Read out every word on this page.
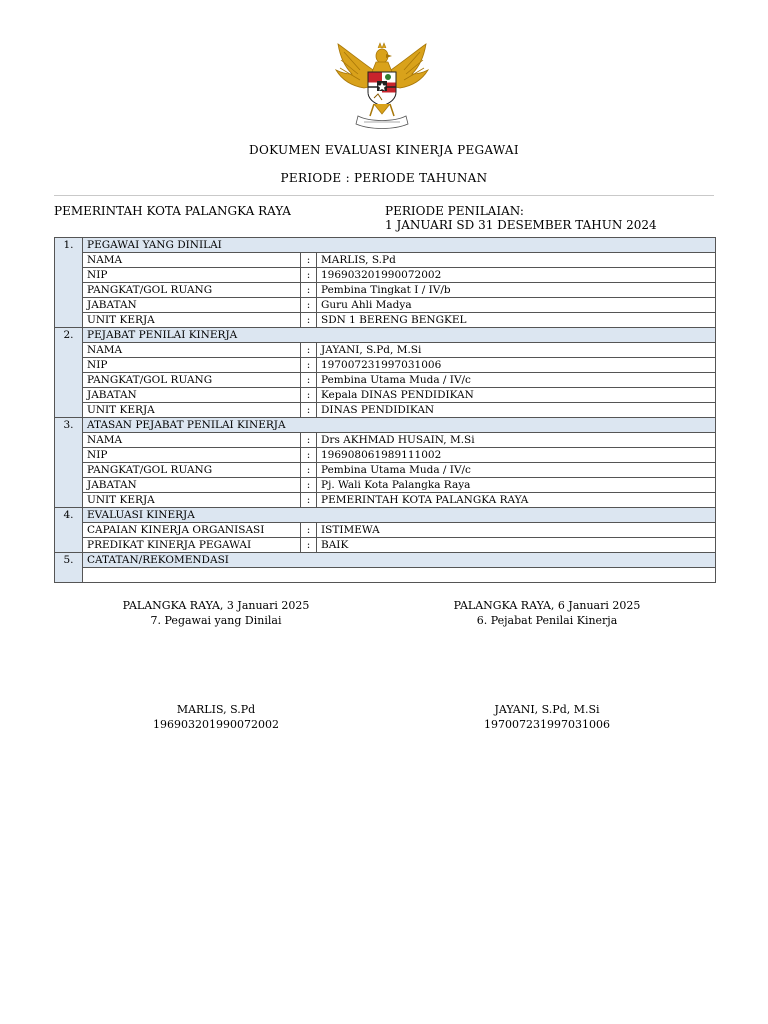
DOKUMEN EVALUASI KINERJA PEGAWAI
PERIODE : PERIODE TAHUNAN
PEMERINTAH KOTA PALANGKA RAYA	PERIODE PENILAIAN:
1 JANUARI SD 31 DESEMBER TAHUN 2024
1.	PEGAWAI YANG DINILAI		
	NAMA	:	MARLIS, S.Pd
	NIP	:	196903201990072002
	PANGKAT/GOL RUANG	:	Pembina Tingkat I / IV/b
	JABATAN	:	Guru Ahli Madya
	UNIT KERJA	:	SDN 1 BERENG BENGKEL
2.	PEJABAT PENILAI KINERJA		
	NAMA	:	JAYANI, S.Pd, M.Si
	NIP	:	197007231997031006
	PANGKAT/GOL RUANG	:	Pembina Utama Muda / IV/c
	JABATAN	:	Kepala DINAS PENDIDIKAN
	UNIT KERJA	:	DINAS PENDIDIKAN
3.	ATASAN PEJABAT PENILAI KINERJA		
	NAMA	:	Drs AKHMAD HUSAIN, M.Si
	NIP	:	196908061989111002
	PANGKAT/GOL RUANG	:	Pembina Utama Muda / IV/c
	JABATAN	:	Pj. Wali Kota Palangka Raya
	UNIT KERJA	:	PEMERINTAH KOTA PALANGKA RAYA
4.	EVALUASI KINERJA		
	CAPAIAN KINERJA ORGANISASI	:	ISTIMEWA
	PREDIKAT KINERJA PEGAWAI	:	BAIK
5.	CATATAN/REKOMENDASI		

PALANGKA RAYA, 3 Januari 2025
7. Pegawai yang Dinilai
PALANGKA RAYA, 6 Januari 2025
6. Pejabat Penilai Kinerja
MARLIS, S.Pd
196903201990072002
JAYANI, S.Pd, M.Si
197007231997031006
